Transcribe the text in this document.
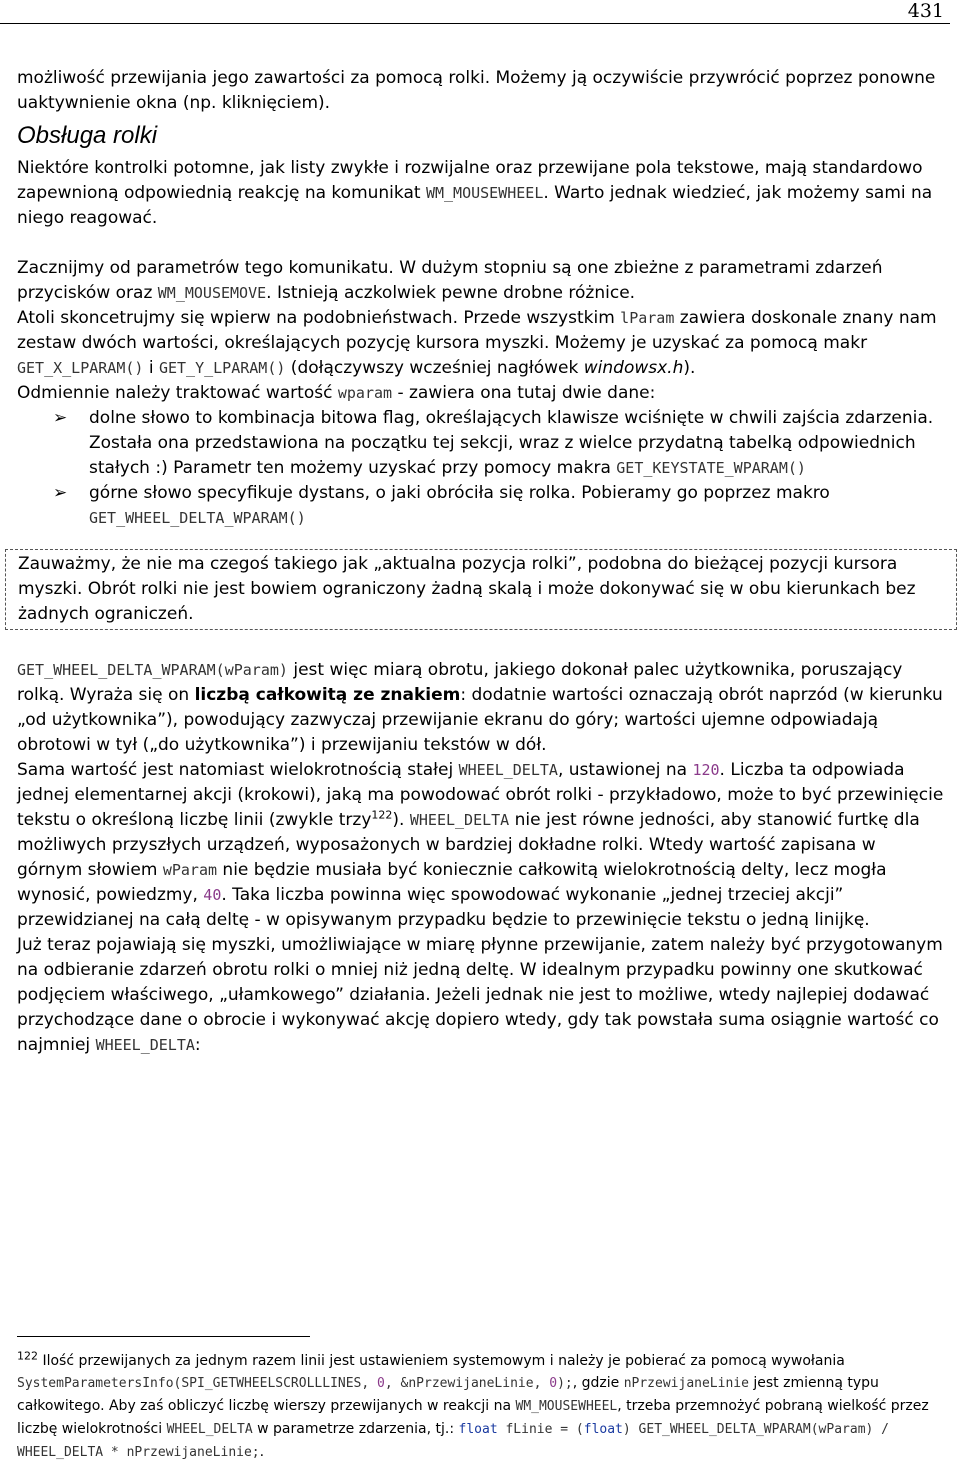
431

możliwość przewijania jego zawartości za pomocą rolki. Możemy ją oczywiście przywrócić poprzez ponowne uaktywnienie okna (np. kliknięciem).

Obsługa rolki

Niektóre kontrolki potomne, jak listy zwykłe i rozwijalne oraz przewijane pola tekstowe, mają standardowo zapewnioną odpowiednią reakcję na komunikat WM_MOUSEWHEEL. Warto jednak wiedzieć, jak możemy sami na niego reagować.

Zacznijmy od parametrów tego komunikatu. W dużym stopniu są one zbieżne z parametrami zdarzeń przycisków oraz WM_MOUSEMOVE. Istnieją aczkolwiek pewne drobne różnice.

Atoli skoncetrujmy się wpierw na podobnieństwach. Przede wszystkim lParam zawiera doskonale znany nam zestaw dwóch wartości, określających pozycję kursora myszki. Możemy je uzyskać za pomocą makr GET_X_LPARAM() i GET_Y_LPARAM() (dołączywszy wcześniej nagłówek windowsx.h).

Odmiennie należy traktować wartość wparam - zawiera ona tutaj dwie dane:

➢ dolne słowo to kombinacja bitowa flag, określających klawisze wciśnięte w chwili zajścia zdarzenia. Została ona przedstawiona na początku tej sekcji, wraz z wielce przydatną tabelką odpowiednich stałych :) Parametr ten możemy uzyskać przy pomocy makra GET_KEYSTATE_WPARAM()
➢ górne słowo specyfikuje dystans, o jaki obróciła się rolka. Pobieramy go poprzez makro GET_WHEEL_DELTA_WPARAM()

Zauważmy, że nie ma czegoś takiego jak „aktualna pozycja rolki”, podobna do bieżącej pozycji kursora myszki. Obrót rolki nie jest bowiem ograniczony żadną skalą i może dokonywać się w obu kierunkach bez żadnych ograniczeń.

GET_WHEEL_DELTA_WPARAM(wParam) jest więc miarą obrotu, jakiego dokonał palec użytkownika, poruszający rolką. Wyraża się on liczbą całkowitą ze znakiem: dodatnie wartości oznaczają obrót naprzód (w kierunku „od użytkownika”), powodujący zazwyczaj przewijanie ekranu do góry; wartości ujemne odpowiadają obrotowi w tył („do użytkownika”) i przewijaniu tekstów w dół.

Sama wartość jest natomiast wielokrotnością stałej WHEEL_DELTA, ustawionej na 120. Liczba ta odpowiada jednej elementarnej akcji (krokowi), jaką ma powodować obrót rolki - przykładowo, może to być przewinięcie tekstu o określoną liczbę linii (zwykle trzy$^{122}$). WHEEL_DELTA nie jest równe jedności, aby stanowić furtkę dla możliwych przyszłych urządzeń, wyposażonych w bardziej dokładne rolki. Wtedy wartość zapisana w górnym słowiem wParam nie będzie musiała być koniecznie całkowitą wielokrotnością delty, lecz mogła wynosić, powiedzmy, 40. Taka liczba powinna więc spowodować wykonanie „jednej trzeciej akcji” przewidzianej na całą deltę - w opisywanym przypadku będzie to przewinięcie tekstu o jedną linijkę.

Już teraz pojawiają się myszki, umożliwiające w miarę płynne przewijanie, zatem należy być przygotowanym na odbieranie zdarzeń obrotu rolki o mniej niż jedną deltę. W idealnym przypadku powinny one skutkować podjęciem właściwego, „ułamkowego” działania. Jeżeli jednak nie jest to możliwe, wtedy najlepiej dodawać przychodzące dane o obrocie i wykonywać akcję dopiero wtedy, gdy tak powstała suma osiągnie wartość co najmniej WHEEL_DELTA:

$^{122}$ Ilość przewijanych za jednym razem linii jest ustawieniem systemowym i należy je pobierać za pomocą wywołania SystemParametersInfo(SPI_GETWHEELSCROLLLINES, 0, &nPrzewijaneLinie, 0);, gdzie nPrzewijaneLinie jest zmienną typu całkowitego. Aby zaś obliczyć liczbę wierszy przewijanych w reakcji na WM_MOUSEWHEEL, trzeba przemnożyć pobraną wielkość przez liczbę wielokrotności WHEEL_DELTA w parametrze zdarzenia, tj.: float fLinie = (float) GET_WHEEL_DELTA_WPARAM(wParam) / WHEEL_DELTA * nPrzewijaneLinie;.
